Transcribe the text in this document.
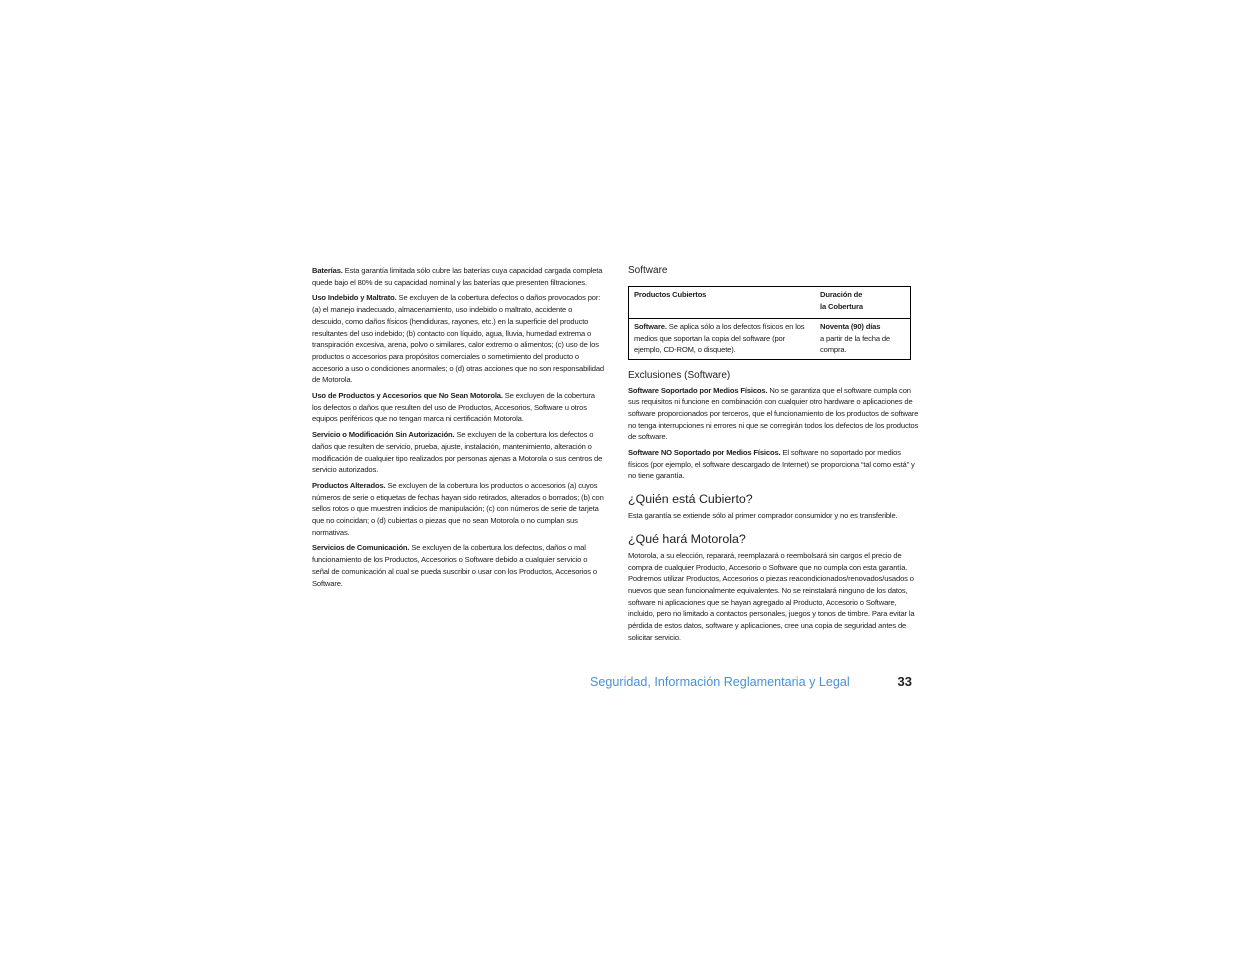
Baterías. Esta garantía limitada sólo cubre las baterías cuya capacidad cargada completa quede bajo el 80% de su capacidad nominal y las baterías que presenten filtraciones.

Uso Indebido y Maltrato. Se excluyen de la cobertura defectos o daños provocados por: (a) el manejo inadecuado, almacenamiento, uso indebido o maltrato, accidente o descuido, como daños físicos (hendiduras, rayones, etc.) en la superficie del producto resultantes del uso indebido; (b) contacto con líquido, agua, lluvia, humedad extrema o transpiración excesiva, arena, polvo o similares, calor extremo o alimentos; (c) uso de los productos o accesorios para propósitos comerciales o sometimiento del producto o accesorio a uso o condiciones anormales; o (d) otras acciones que no son responsabilidad de Motorola.

Uso de Productos y Accesorios que No Sean Motorola. Se excluyen de la cobertura los defectos o daños que resulten del uso de Productos, Accesorios, Software u otros equipos periféricos que no tengan marca ni certificación Motorola.

Servicio o Modificación Sin Autorización. Se excluyen de la cobertura los defectos o daños que resulten de servicio, prueba, ajuste, instalación, mantenimiento, alteración o modificación de cualquier tipo realizados por personas ajenas a Motorola o sus centros de servicio autorizados.

Productos Alterados. Se excluyen de la cobertura los productos o accesorios (a) cuyos números de serie o etiquetas de fechas hayan sido retirados, alterados o borrados; (b) con sellos rotos o que muestren indicios de manipulación; (c) con números de serie de tarjeta que no coincidan; o (d) cubiertas o piezas que no sean Motorola o no cumplan sus normativas.

Servicios de Comunicación. Se excluyen de la cobertura los defectos, daños o mal funcionamiento de los Productos, Accesorios o Software debido a cualquier servicio o señal de comunicación al cual se pueda suscribir o usar con los Productos, Accesorios o Software.

Software
Productos Cubiertos	Duración de
la Cobertura
Software. Se aplica sólo a los defectos físicos en los medios que soportan la copia del software (por ejemplo, CD-ROM, o disquete).	Noventa (90) días
a partir de la fecha de compra.
Exclusiones (Software)

Software Soportado por Medios Físicos. No se garantiza que el software cumpla con sus requisitos ni funcione en combinación con cualquier otro hardware o aplicaciones de software proporcionados por terceros, que el funcionamiento de los productos de software no tenga interrupciones ni errores ni que se corregirán todos los defectos de los productos de software.

Software NO Soportado por Medios Físicos. El software no soportado por medios físicos (por ejemplo, el software descargado de Internet) se proporciona “tal como está” y no tiene garantía.

¿Quién está Cubierto?

Esta garantía se extiende sólo al primer comprador consumidor y no es transferible.

¿Qué hará Motorola?

Motorola, a su elección, reparará, reemplazará o reembolsará sin cargos el precio de compra de cualquier Producto, Accesorio o Software que no cumpla con esta garantía. Podremos utilizar Productos, Accesorios o piezas reacondicionados/renovados/usados o nuevos que sean funcionalmente equivalentes. No se reinstalará ninguno de los datos, software ni aplicaciones que se hayan agregado al Producto, Accesorio o Software, incluido, pero no limitado a contactos personales, juegos y tonos de timbre. Para evitar la pérdida de estos datos, software y aplicaciones, cree una copia de seguridad antes de solicitar servicio.

Seguridad, Información Reglamentaria y Legal	33
